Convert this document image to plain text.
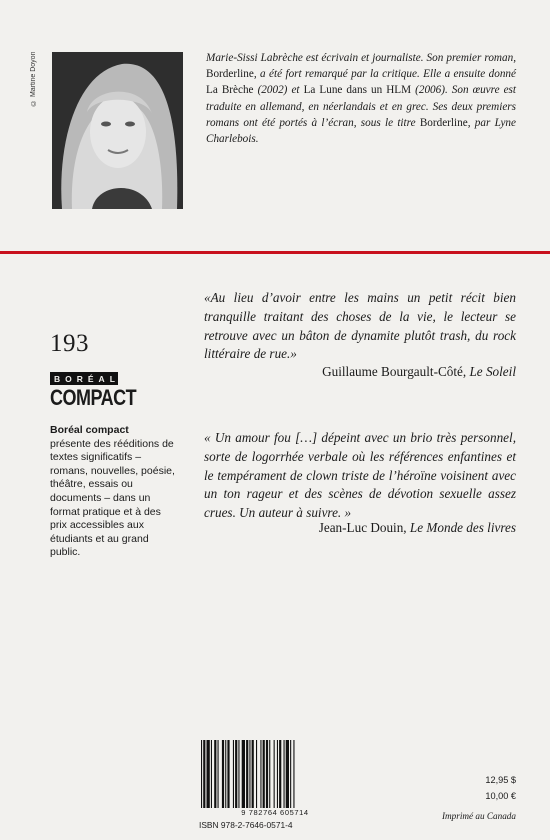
© Martine Doyon	Marie-Sissi Labrèche est écrivain et journaliste. Son premier roman, Borderline, a été fort remarqué par la critique. Elle a ensuite donné La Brèche (2002) et La Lune dans un HLM (2006). Son œuvre est traduite en allemand, en néerlandais et en grec. Ses deux premiers romans ont été portés à l’écran, sous le titre Borderline, par Lyne Charlebois.
193
BORÉAL
COMPACT
Boréal compact
présente des rééditions de textes significatifs – romans, nouvelles, poésie, théâtre, essais ou documents – dans un format pratique et à des prix accessibles aux étudiants et au grand public.
«Au lieu d’avoir entre les mains un petit récit bien tranquille traitant des choses de la vie, le lecteur se retrouve avec un bâton de dynamite plutôt trash, du rock littéraire de rue.»
Guillaume Bourgault-Côté, Le Soleil
« Un amour fou […] dépeint avec un brio très personnel, sorte de logorrhée verbale où les références enfantines et le tempérament de clown triste de l’héroïne voisinent avec un ton rageur et des scènes de dévotion sexuelle assez crues. Un auteur à suivre. »
Jean-Luc Douin, Le Monde des livres
9 782764 605714
ISBN 978-2-7646-0571-4
12,95 $
10,00 €
Imprimé au Canada
